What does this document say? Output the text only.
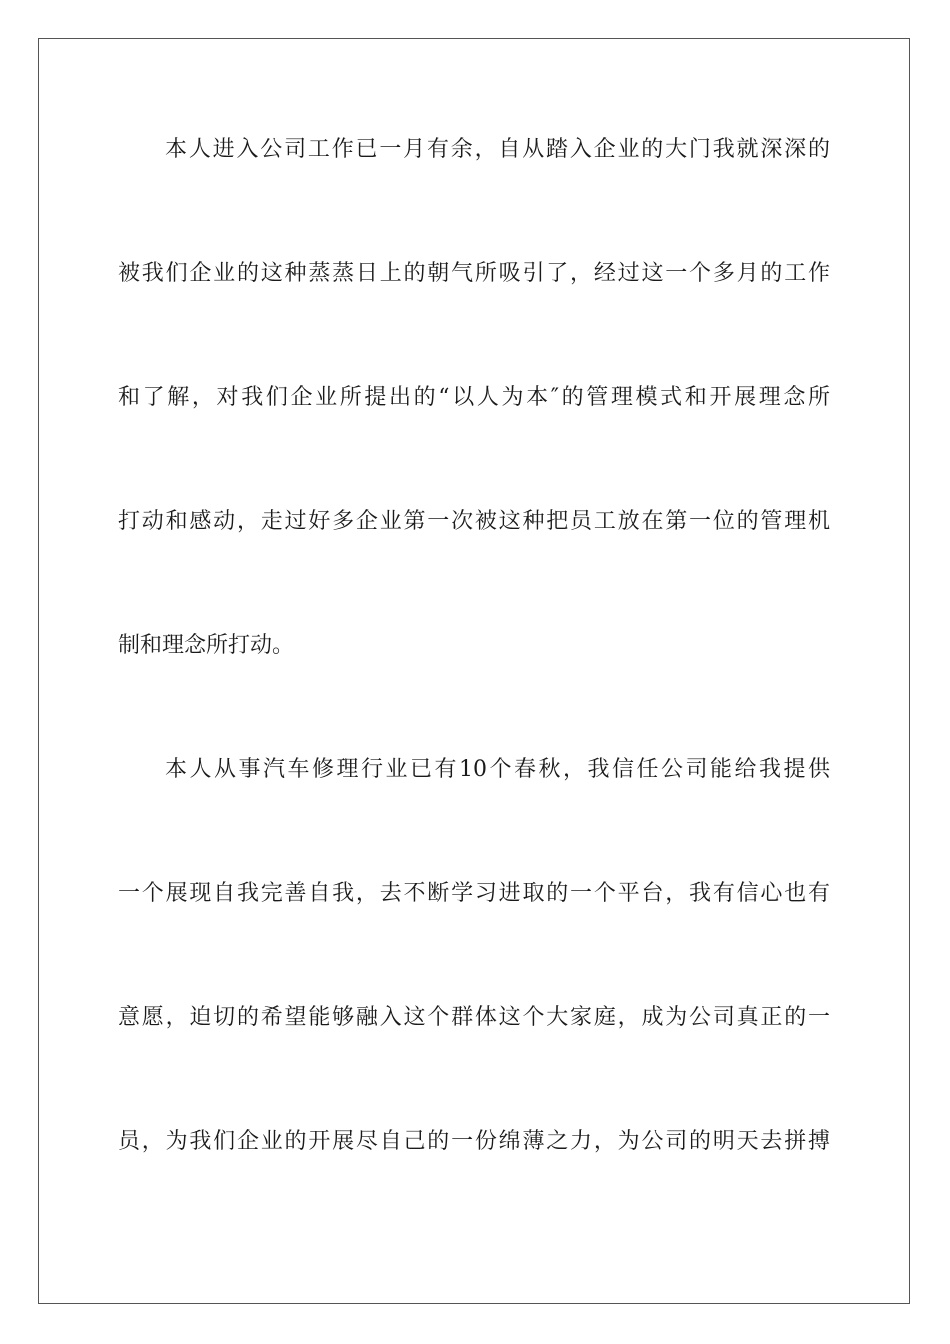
本人进入公司工作已一月有余，自从踏入企业的大门我就深深的
被我们企业的这种蒸蒸日上的朝气所吸引了，经过这一个多月的工作
和了解，对我们企业所提出的“以人为本″的管理模式和开展理念所
打动和感动，走过好多企业第一次被这种把员工放在第一位的管理机
制和理念所打动。
本人从事汽车修理行业已有10个春秋，我信任公司能给我提供
一个展现自我完善自我，去不断学习进取的一个平台，我有信心也有
意愿，迫切的希望能够融入这个群体这个大家庭，成为公司真正的一
员，为我们企业的开展尽自己的一份绵薄之力，为公司的明天去拼搏
